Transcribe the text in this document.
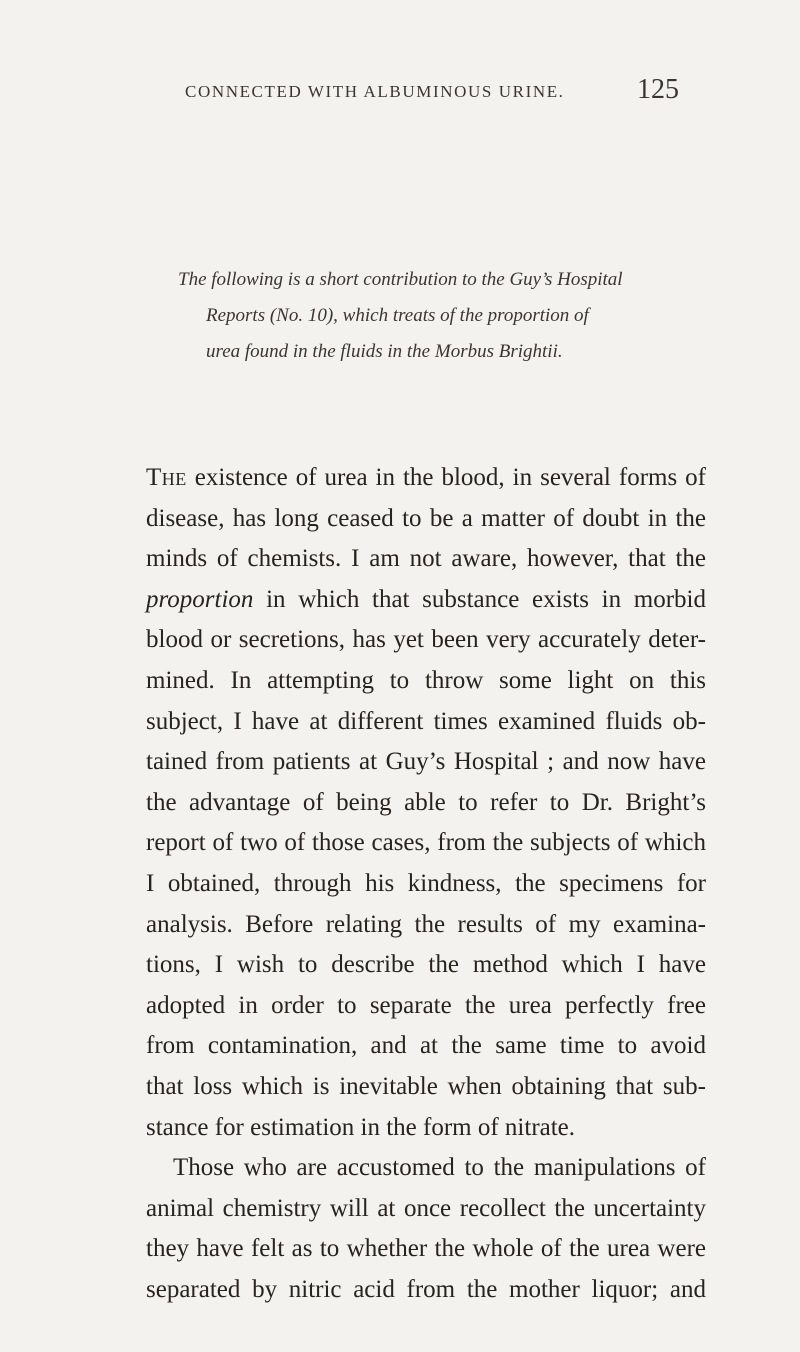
CONNECTED WITH ALBUMINOUS URINE.	125
The following is a short contribution to the Guy’s Hospital
Reports (No. 10), which treats of the proportion of
urea found in the fluids in the Morbus Brightii.
The existence of urea in the blood, in several forms of
disease, has long ceased to be a matter of doubt in the
minds of chemists. I am not aware, however, that the
proportion in which that substance exists in morbid
blood or secretions, has yet been very accurately deter-
mined. In attempting to throw some light on this
subject, I have at different times examined fluids ob-
tained from patients at Guy’s Hospital ; and now have
the advantage of being able to refer to Dr. Bright’s
report of two of those cases, from the subjects of which
I obtained, through his kindness, the specimens for
analysis. Before relating the results of my examina-
tions, I wish to describe the method which I have
adopted in order to separate the urea perfectly free
from contamination, and at the same time to avoid
that loss which is inevitable when obtaining that sub-
stance for estimation in the form of nitrate.
Those who are accustomed to the manipulations of
animal chemistry will at once recollect the uncertainty
they have felt as to whether the whole of the urea were
separated by nitric acid from the mother liquor; and
